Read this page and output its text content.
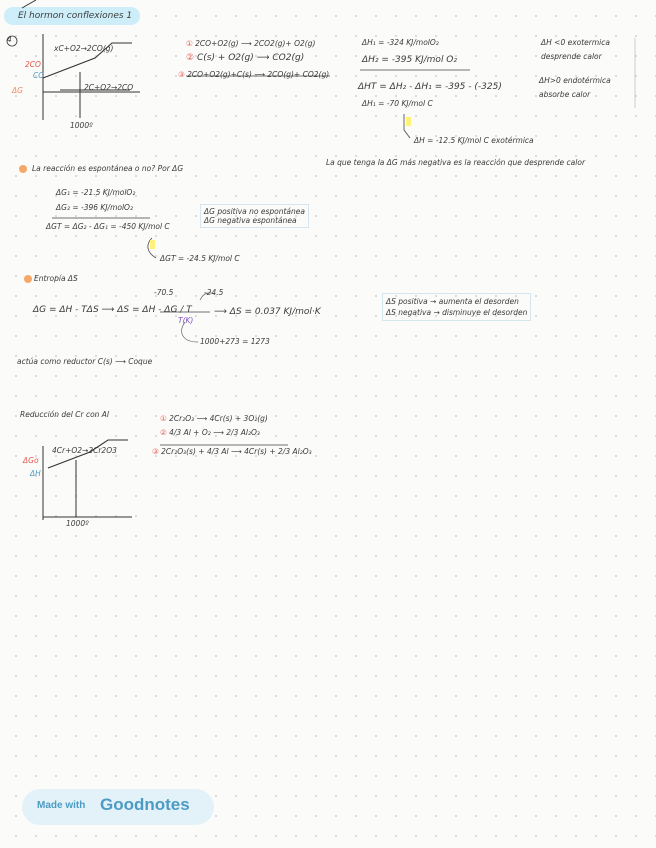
El hormon conflexiones 1
4
xC+O2→2CO(g)
2CO
CO
ΔG	2C+O2→2CO
1000º
① 2CO+O2(g) ⟶ 2CO2(g)+ O2(g)
② C(s) + O2(g) ⟶ CO2(g)
③ 2CO+O2(g)+C(s) ⟶ 2CO(g)+ CO2(g)
ΔH₁ = -324 KJ/molO₂
ΔH₂ = -395 KJ/mol O₂
ΔHT = ΔH₂ - ΔH₁ = -395 - (-325)
ΔH₁ = -70 KJ/mol C

ΔH = -12.5 KJ/mol C exotérmica
ΔH <0 exotermica desprende calor
ΔH>0 endotérmica absorbe calor
La reacción es espontánea o no? Por ΔG
La que tenga la ΔG más negativa es la reacción que desprende calor
ΔG₁ = -21.5 KJ/molO₂
ΔG₂ = -396 KJ/molO₂
ΔGT = ΔG₂ - ΔG₁ = -450 KJ/mol C

ΔGT = -24.5 KJ/mol C
ΔG positiva no espontánea
ΔG negativa espontánea
Entropía ΔS
-70.5	-24.5
ΔG = ΔH - TΔS ⟶ ΔS = ΔH - ΔG / T
T(K)
1000+273 = 1273
⟶ ΔS = 0.037 KJ/mol·K
ΔS positiva → aumenta el desorden
ΔS negativa → disminuye el desorden
actúa como reductor C(s) ⟶ Coque
Reducción del Cr con Al	① 2Cr₂O₃ ⟶ 4Cr(s) + 3O₂(g)
② 4/3 Al + O₂ ⟶ 2/3 Al₂O₃
③ 2Cr₂O₃(s) + 4/3 Al ⟶ 4Cr(s) + 2/3 Al₂O₃
4Cr+O2→2Cr2O3
ΔGo
ΔH
1000º
Made with Goodnotes
